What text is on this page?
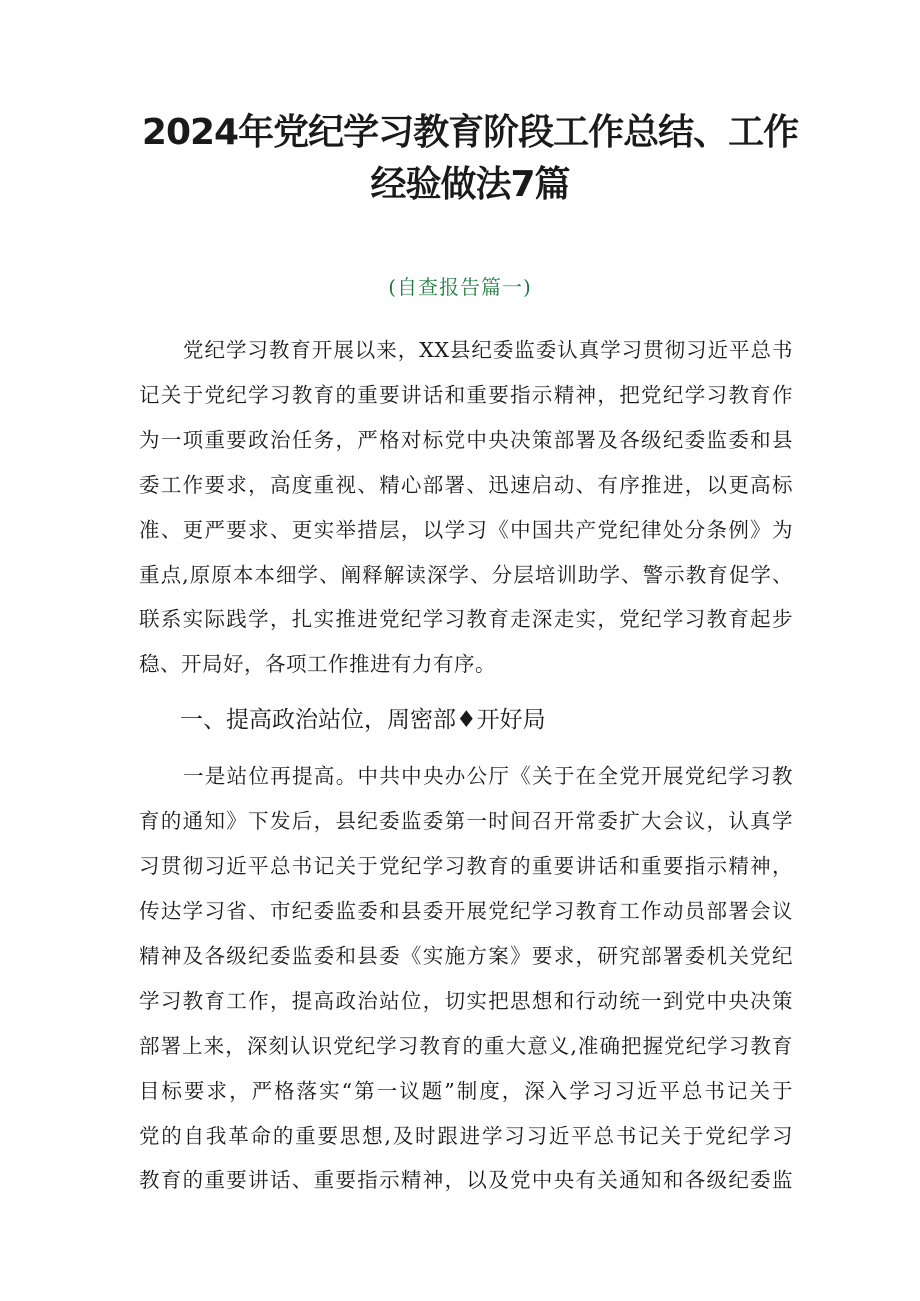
2024年党纪学习教育阶段工作总结、工作
经验做法7篇
(自查报告篇一)
党纪学习教育开展以来，XX县纪委监委认真学习贯彻习近平总书
记关于党纪学习教育的重要讲话和重要指示精神，把党纪学习教育作
为一项重要政治任务，严格对标党中央决策部署及各级纪委监委和县
委工作要求，高度重视、精心部署、迅速启动、有序推进，以更高标
准、更严要求、更实举措层，以学习《中国共产党纪律处分条例》为
重点,原原本本细学、阐释解读深学、分层培训助学、警示教育促学、
联系实际践学，扎实推进党纪学习教育走深走实，党纪学习教育起步
稳、开局好，各项工作推进有力有序。
一、提高政治站位，周密部♦开好局
一是站位再提高。中共中央办公厅《关于在全党开展党纪学习教
育的通知》下发后，县纪委监委第一时间召开常委扩大会议，认真学
习贯彻习近平总书记关于党纪学习教育的重要讲话和重要指示精神，
传达学习省、市纪委监委和县委开展党纪学习教育工作动员部署会议
精神及各级纪委监委和县委《实施方案》要求，研究部署委机关党纪
学习教育工作，提高政治站位，切实把思想和行动统一到党中央决策
部署上来，深刻认识党纪学习教育的重大意义,准确把握党纪学习教育
目标要求，严格落实“第一议题”制度，深入学习习近平总书记关于
党的自我革命的重要思想,及时跟进学习习近平总书记关于党纪学习
教育的重要讲话、重要指示精神，以及党中央有关通知和各级纪委监
